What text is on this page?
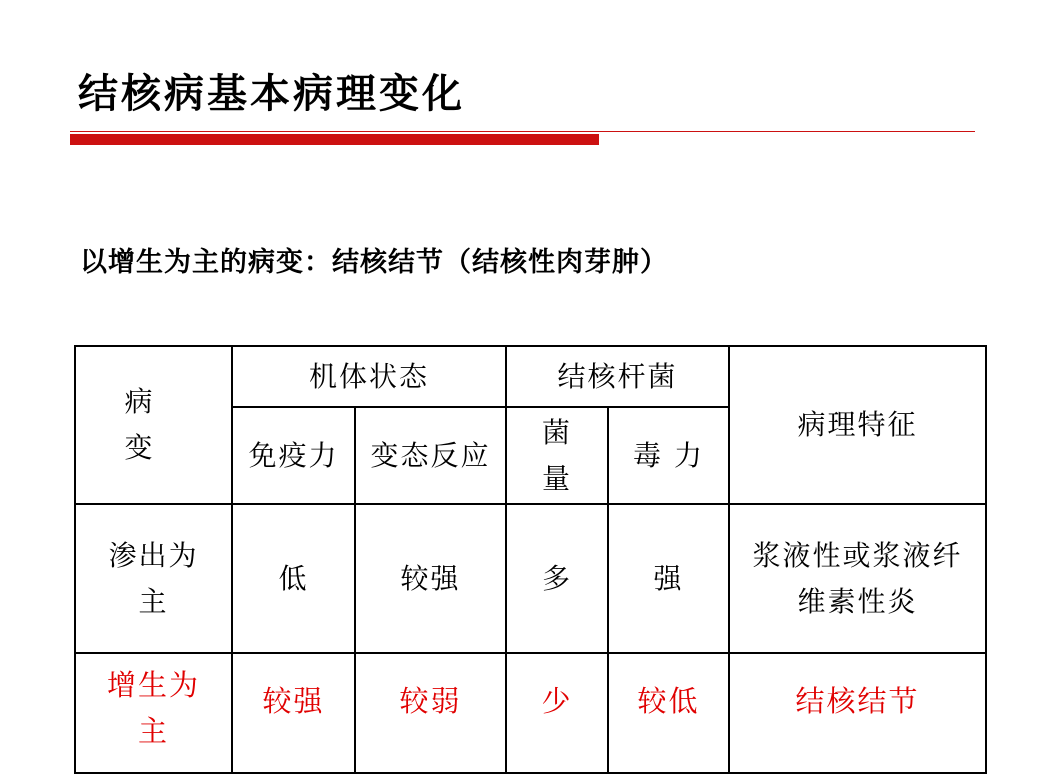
结核病基本病理变化
以增生为主的病变：结核结节（结核性肉芽肿）
病　变	机体状态		结核杆菌		病理特征
	免疫力	变态反应	菌量	毒 力	
渗出为主	低	较强	多	强	浆液性或浆液纤维素性炎
增生为主	较强	较弱	少	较低	结核结节
